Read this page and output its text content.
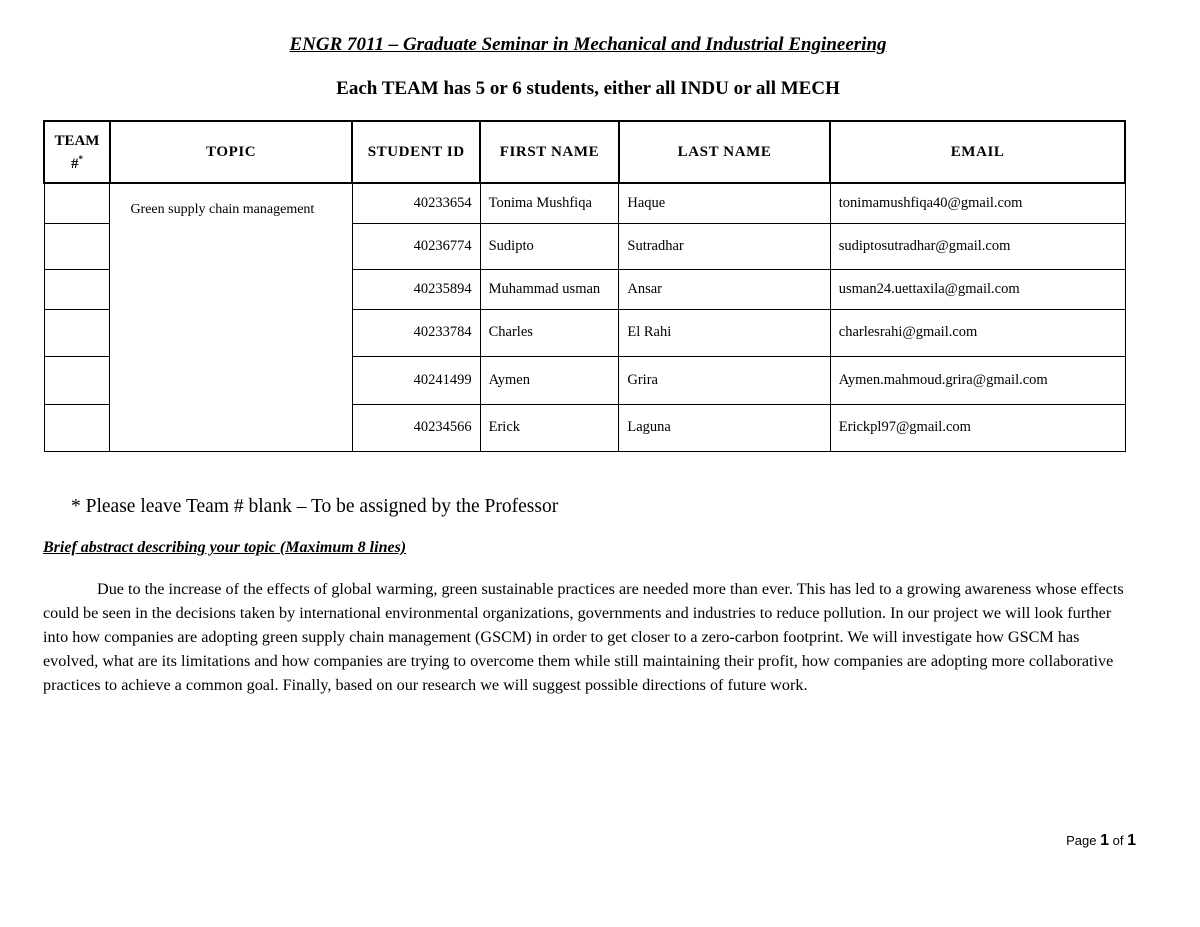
ENGR 7011 – Graduate Seminar in Mechanical and Industrial Engineering
Each TEAM has 5 or 6 students, either all INDU or all MECH
TEAM
#*	TOPIC	STUDENT ID	FIRST NAME	LAST NAME	EMAIL
	Green supply chain management	40233654	Tonima Mushfiqa	Haque	tonimamushfiqa40@gmail.com
		40236774	Sudipto	Sutradhar	sudiptosutradhar@gmail.com
		40235894	Muhammad usman	Ansar	usman24.uettaxila@gmail.com
		40233784	Charles	El Rahi	charlesrahi@gmail.com
		40241499	Aymen	Grira	Aymen.mahmoud.grira@gmail.com
		40234566	Erick	Laguna	Erickpl97@gmail.com
* Please leave Team # blank – To be assigned by the Professor
Brief abstract describing your topic (Maximum 8 lines)
Due to the increase of the effects of global warming, green sustainable practices are needed more than ever. This has led to a growing awareness whose effects could be seen in the decisions taken by international environmental organizations, governments and industries to reduce pollution. In our project we will look further into how companies are adopting green supply chain management (GSCM) in order to get closer to a zero-carbon footprint. We will investigate how GSCM has evolved, what are its limitations and how companies are trying to overcome them while still maintaining their profit, how companies are adopting more collaborative practices to achieve a common goal. Finally, based on our research we will suggest possible directions of future work.
Page 1 of 1
